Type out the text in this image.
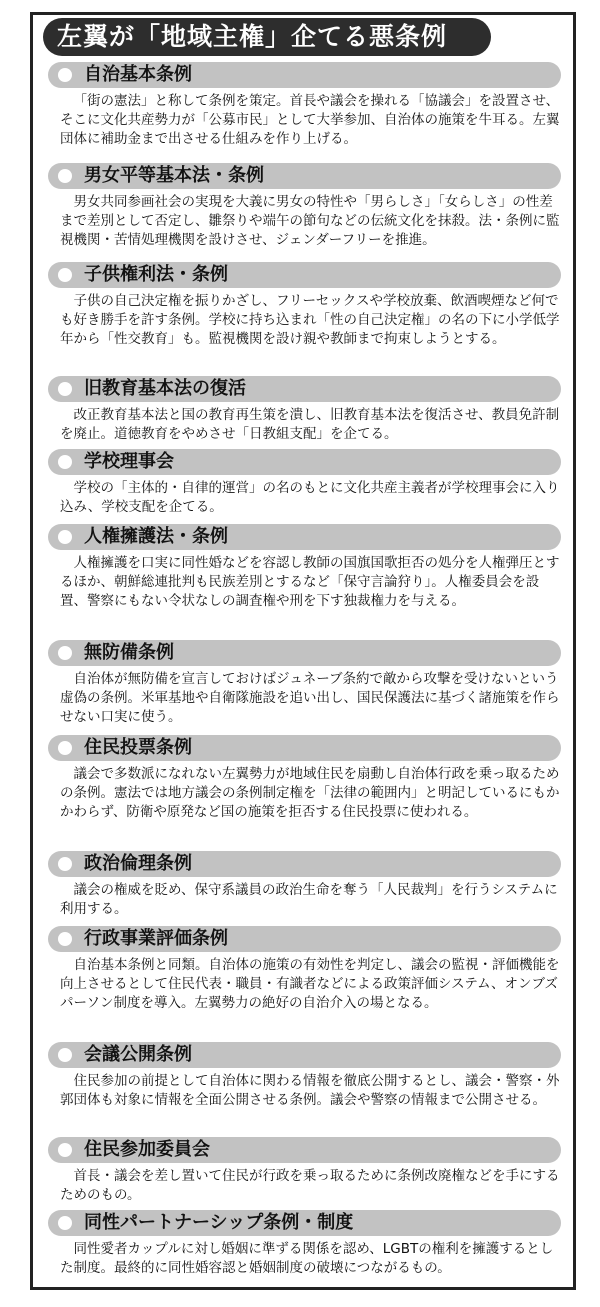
左翼が「地域主権」企てる悪条例
自治基本条例
「街の憲法」と称して条例を策定。首長や議会を操れる「協議会」を設置させ、そこに文化共産勢力が「公募市民」として大挙参加、自治体の施策を牛耳る。左翼団体に補助金まで出させる仕組みを作り上げる。
男女平等基本法・条例
男女共同参画社会の実現を大義に男女の特性や「男らしさ」「女らしさ」の性差まで差別として否定し、雛祭りや端午の節句などの伝統文化を抹殺。法・条例に監視機関・苦情処理機関を設けさせ、ジェンダーフリーを推進。
子供権利法・条例
子供の自己決定権を振りかざし、フリーセックスや学校放棄、飲酒喫煙など何でも好き勝手を許す条例。学校に持ち込まれ「性の自己決定権」の名の下に小学低学年から「性交教育」も。監視機関を設け親や教師まで拘束しようとする。
旧教育基本法の復活
改正教育基本法と国の教育再生策を潰し、旧教育基本法を復活させ、教員免許制を廃止。道徳教育をやめさせ「日教組支配」を企てる。
学校理事会
学校の「主体的・自律的運営」の名のもとに文化共産主義者が学校理事会に入り込み、学校支配を企てる。
人権擁護法・条例
人権擁護を口実に同性婚などを容認し教師の国旗国歌拒否の処分を人権弾圧とするほか、朝鮮総連批判も民族差別とするなど「保守言論狩り」。人権委員会を設置、警察にもない令状なしの調査権や刑を下す独裁権力を与える。
無防備条例
自治体が無防備を宣言しておけばジュネーブ条約で敵から攻撃を受けないという虚偽の条例。米軍基地や自衛隊施設を追い出し、国民保護法に基づく諸施策を作らせない口実に使う。
住民投票条例
議会で多数派になれない左翼勢力が地域住民を扇動し自治体行政を乗っ取るための条例。憲法では地方議会の条例制定権を「法律の範囲内」と明記しているにもかかわらず、防衛や原発など国の施策を拒否する住民投票に使われる。
政治倫理条例
議会の権威を貶め、保守系議員の政治生命を奪う「人民裁判」を行うシステムに利用する。
行政事業評価条例
自治基本条例と同類。自治体の施策の有効性を判定し、議会の監視・評価機能を向上させるとして住民代表・職員・有識者などによる政策評価システム、オンブズパーソン制度を導入。左翼勢力の絶好の自治介入の場となる。
会議公開条例
住民参加の前提として自治体に関わる情報を徹底公開するとし、議会・警察・外郭団体も対象に情報を全面公開させる条例。議会や警察の情報まで公開させる。
住民参加委員会
首長・議会を差し置いて住民が行政を乗っ取るために条例改廃権などを手にするためのもの。
同性パートナーシップ条例・制度
同性愛者カップルに対し婚姻に準ずる関係を認め、LGBTの権利を擁護するとした制度。最終的に同性婚容認と婚姻制度の破壊につながるもの。
